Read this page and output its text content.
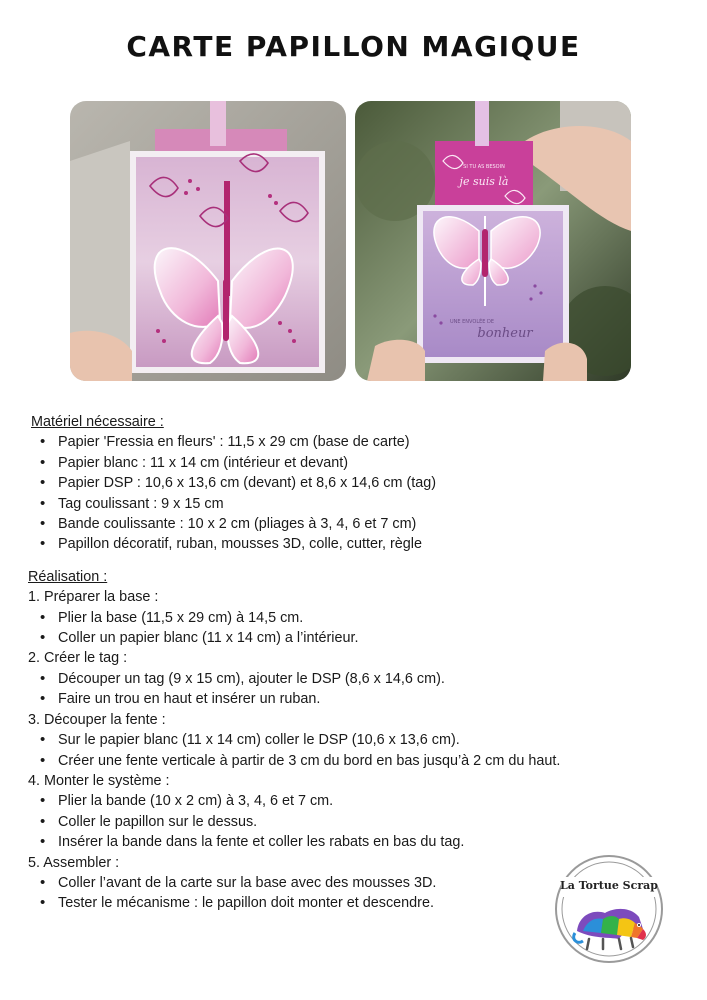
CARTE PAPILLON MAGIQUE
SI TU AS BESOIN
je suis là
UNE ENVOLÉE DE
bonheur

Matériel nécessaire :

• Papier 'Fressia en fleurs' : 11,5 x 29 cm (base de carte)
• Papier blanc : 11 x 14 cm (intérieur et devant)
• Papier DSP : 10,6 x 13,6 cm (devant) et 8,6 x 14,6 cm (tag)
• Tag coulissant : 9 x 15 cm
• Bande coulissante : 10 x 2 cm (pliages à 3, 4, 6 et 7 cm)
• Papillon décoratif, ruban, mousses 3D, colle, cutter, règle

Réalisation :

1. Préparer la base :

• Plier la base (11,5 x 29 cm) à 14,5 cm.
• Coller un papier blanc (11 x 14 cm) a l’intérieur.

2. Créer le tag :

• Découper un tag (9 x 15 cm), ajouter le DSP (8,6 x 14,6 cm).
• Faire un trou en haut et insérer un ruban.

3. Découper la fente :

• Sur le papier blanc (11 x 14 cm) coller le DSP (10,6 x 13,6 cm).
• Créer une fente verticale à partir de 3 cm du bord en bas jusqu’à 2 cm du haut.

4. Monter le système :

• Plier la bande (10 x 2 cm) à 3, 4, 6 et 7 cm.
• Coller le papillon sur le dessus.
• Insérer la bande dans la fente et coller les rabats en bas du tag.

5. Assembler :

• Coller l’avant de la carte sur la base avec des mousses 3D.
• Tester le mécanisme : le papillon doit monter et descendre.
La Tortue Scrap
